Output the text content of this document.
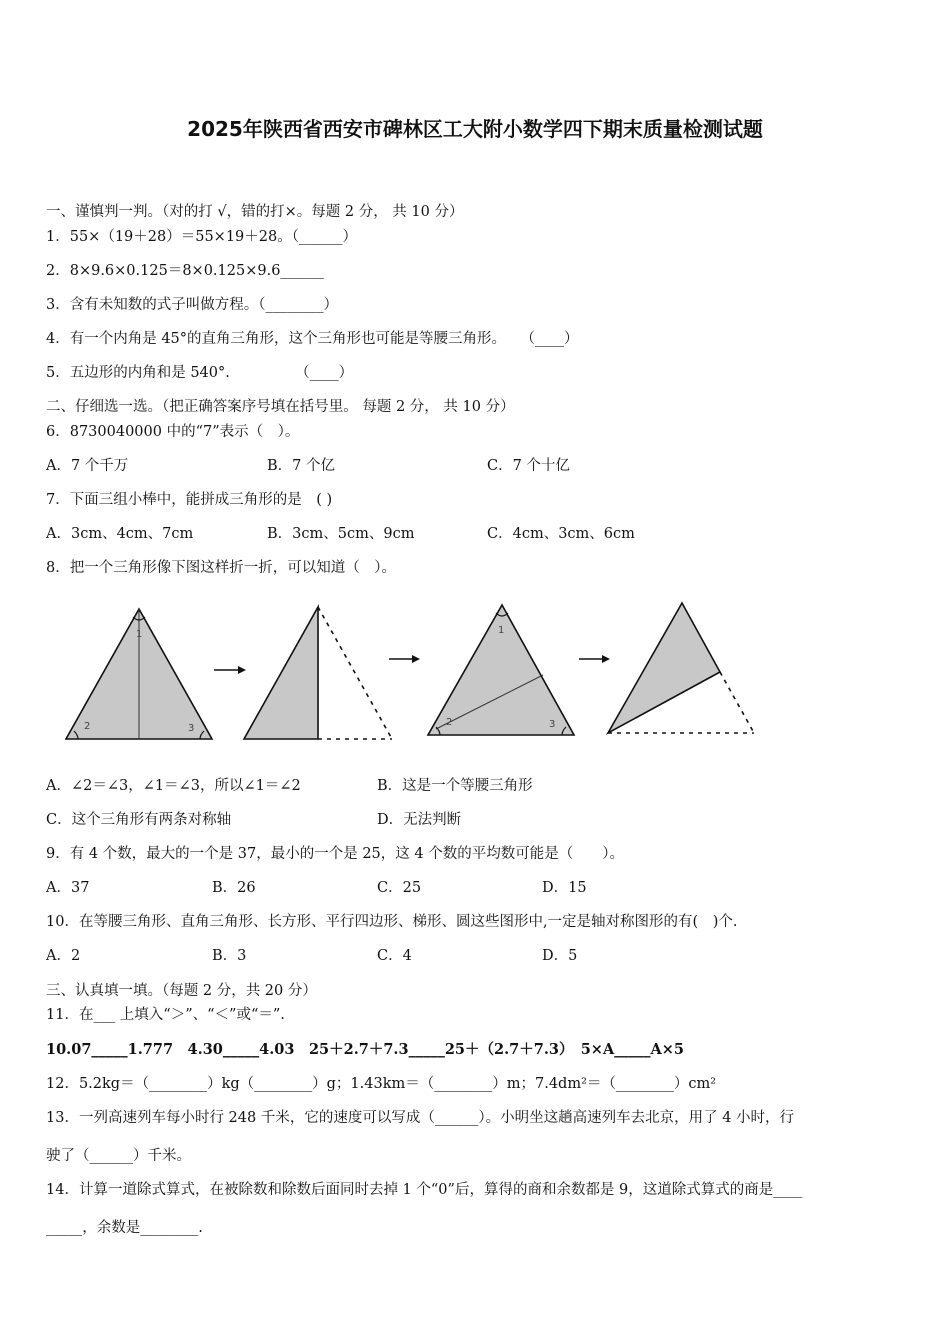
2025年陕西省西安市碑林区工大附小数学四下期末质量检测试题
一、谨慎判一判。（对的打 √，错的打×。每题 2 分， 共 10 分）
1．55×（19＋28）＝55×19＋28。（______）
2．8×9.6×0.125＝8×0.125×9.6______
3．含有未知数的式子叫做方程。（________）
4．有一个内角是 45°的直角三角形，这个三角形也可能是等腰三角形。　　（____）
5．五边形的内角和是 540°.　　　　　（____）
二、仔细选一选。（把正确答案序号填在括号里。 每题 2 分， 共 10 分）
6．8730040000 中的“7”表示（　）。
A．7 个千万	B．7 个亿	C．7 个十亿
7．下面三组小棒中，能拼成三角形的是　( )
A．3cm、4cm、7cm	B．3cm、5cm、9cm	C．4cm、3cm、6cm
8．把一个三角形像下图这样折一折，可以知道（　）。
1
2	3
1
2	3
A．∠2＝∠3，∠1＝∠3，所以∠1＝∠2	B．这是一个等腰三角形
C．这个三角形有两条对称轴	D．无法判断
9．有 4 个数，最大的一个是 37，最小的一个是 25，这 4 个数的平均数可能是（　　）。
A．37	B．26	C．25	D．15
10．在等腰三角形、直角三角形、长方形、平行四边形、梯形、圆这些图形中,一定是轴对称图形的有(　)个.
A．2	B．3	C．4	D．5
三、认真填一填。（每题 2 分，共 20 分）
11．在___ 上填入“＞”、“＜”或“＝”.
10.07_____1.777　4.30_____4.03　25＋2.7＋7.3_____25＋（2.7＋7.3）　5×A_____A×5
12．5.2kg＝（________）kg（________）g；1.43km＝（________）m；7.4dm²＝（________）cm²
13．一列高速列车每小时行 248 千米，它的速度可以写成（______）。小明坐这趟高速列车去北京，用了 4 小时，行
驶了（______）千米。
14．计算一道除式算式，在被除数和除数后面同时去掉 1 个“0”后，算得的商和余数都是 9，这道除式算式的商是____
_____，余数是________.
